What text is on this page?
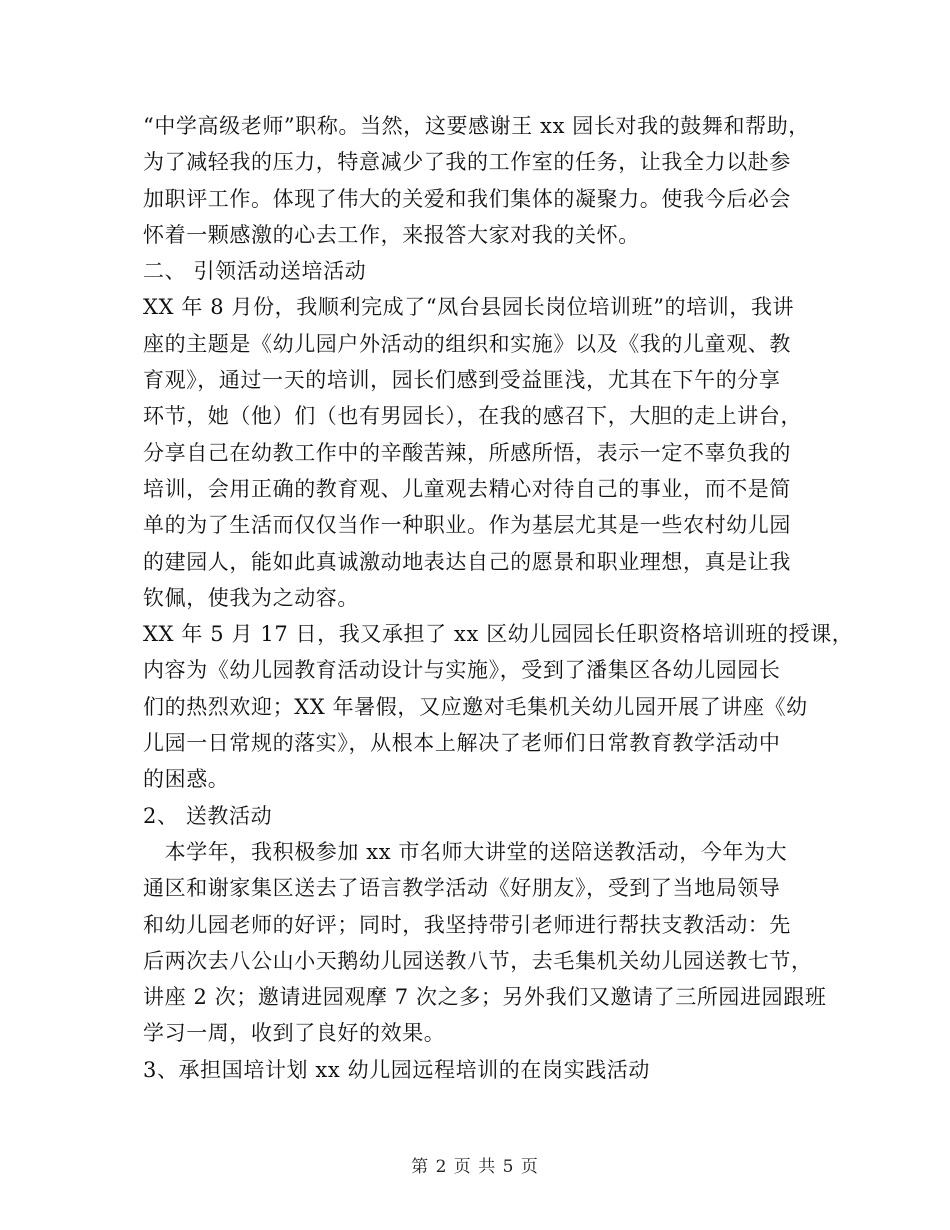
“中学高级老师”职称。当然，这要感谢王 xx 园长对我的鼓舞和帮助，
为了减轻我的压力，特意减少了我的工作室的任务，让我全力以赴参
加职评工作。体现了伟大的关爱和我们集体的凝聚力。使我今后必会
怀着一颗感激的心去工作，来报答大家对我的关怀。
二、 引领活动送培活动
XX 年 8 月份，我顺利完成了“凤台县园长岗位培训班”的培训，我讲
座的主题是《幼儿园户外活动的组织和实施》以及《我的儿童观、教
育观》，通过一天的培训，园长们感到受益匪浅，尤其在下午的分享
环节，她（他）们（也有男园长），在我的感召下，大胆的走上讲台，
分享自己在幼教工作中的辛酸苦辣，所感所悟，表示一定不辜负我的
培训，会用正确的教育观、儿童观去精心对待自己的事业，而不是简
单的为了生活而仅仅当作一种职业。作为基层尤其是一些农村幼儿园
的建园人，能如此真诚激动地表达自己的愿景和职业理想，真是让我
钦佩，使我为之动容。
XX 年 5 月 17 日，我又承担了 xx 区幼儿园园长任职资格培训班的授课，
内容为《幼儿园教育活动设计与实施》，受到了潘集区各幼儿园园长
们的热烈欢迎；XX 年暑假，又应邀对毛集机关幼儿园开展了讲座《幼
儿园一日常规的落实》，从根本上解决了老师们日常教育教学活动中
的困惑。
2、 送教活动
　本学年，我积极参加 xx 市名师大讲堂的送陪送教活动，今年为大
通区和谢家集区送去了语言教学活动《好朋友》，受到了当地局领导
和幼儿园老师的好评；同时，我坚持带引老师进行帮扶支教活动：先
后两次去八公山小天鹅幼儿园送教八节，去毛集机关幼儿园送教七节，
讲座 2 次；邀请进园观摩 7 次之多；另外我们又邀请了三所园进园跟班
学习一周，收到了良好的效果。
3、承担国培计划 xx 幼儿园远程培训的在岗实践活动
第 2 页 共 5 页
